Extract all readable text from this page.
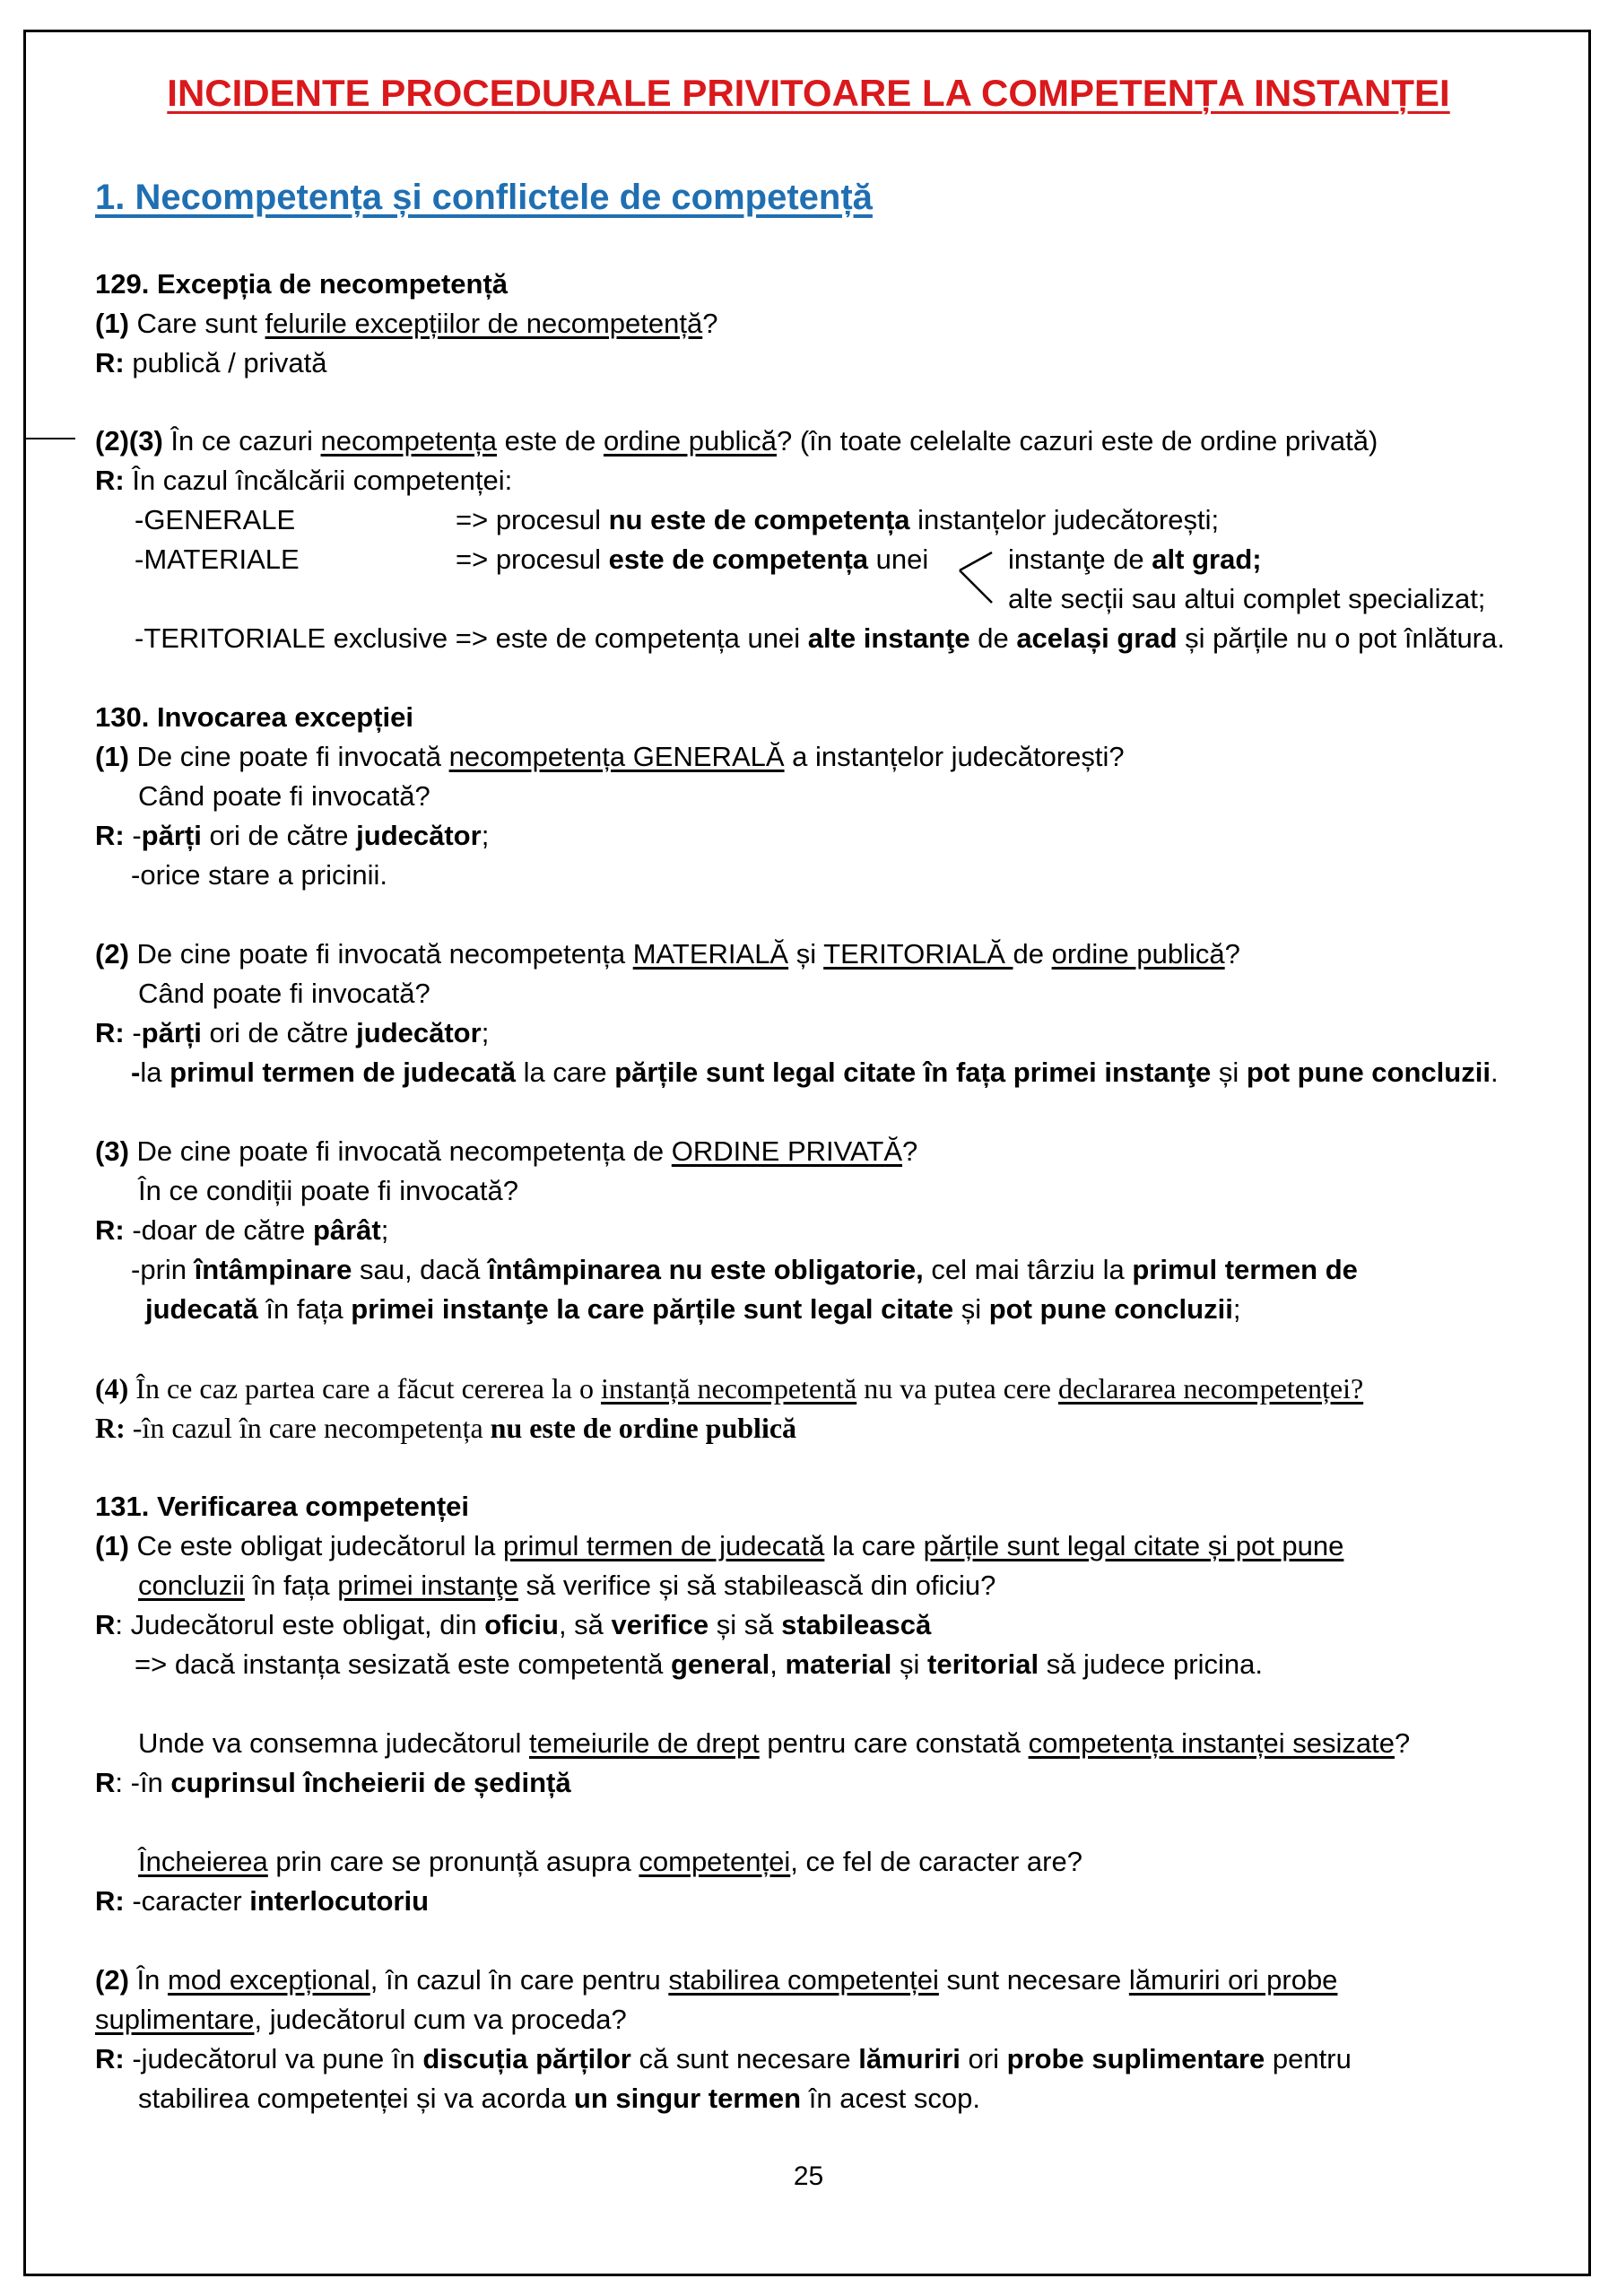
INCIDENTE PROCEDURALE PRIVITOARE LA COMPETENȚA INSTANȚEI
1. Necompetența și conflictele de competență
129. Excepția de necompetență
(1) Care sunt felurile excepțiilor de necompetență?
R: publică / privată
(2)(3) În ce cazuri necompetența este de ordine publică? (în toate celelalte cazuri este de ordine privată)
R: În cazul încălcării competenței:
-GENERALE	=> procesul nu este de competența instanțelor judecătorești;
-MATERIALE	=> procesul este de competența unei	instanţe de alt grad;
alte secții sau altui complet specializat;
-TERITORIALE exclusive => este de competența unei alte instanţe de același grad și părțile nu o pot înlătura.
130. Invocarea excepției
(1) De cine poate fi invocată necompetența GENERALĂ a instanțelor judecătorești?
Când poate fi invocată?
R: -părți ori de către judecător;
-orice stare a pricinii.
(2) De cine poate fi invocată necompetența MATERIALĂ și TERITORIALĂ de ordine publică?
Când poate fi invocată?
R: -părți ori de către judecător;
-la primul termen de judecată la care părțile sunt legal citate în fața primei instanţe și pot pune concluzii.
(3) De cine poate fi invocată necompetența de ORDINE PRIVATĂ?
În ce condiții poate fi invocată?
R: -doar de către pârât;
-prin întâmpinare sau, dacă întâmpinarea nu este obligatorie, cel mai târziu la primul termen de
judecată în fața primei instanţe la care părțile sunt legal citate și pot pune concluzii;
(4) În ce caz partea care a făcut cererea la o instanță necompetentă nu va putea cere declararea necompetenței?
R: -în cazul în care necompetența nu este de ordine publică
131. Verificarea competenței
(1) Ce este obligat judecătorul la primul termen de judecată la care părțile sunt legal citate și pot pune
concluzii în fața primei instanţe să verifice și să stabilească din oficiu?
R: Judecătorul este obligat, din oficiu, să verifice și să stabilească
=> dacă instanța sesizată este competentă general, material și teritorial să judece pricina.
Unde va consemna judecătorul temeiurile de drept pentru care constată competența instanței sesizate?
R: -în cuprinsul încheierii de ședință
Încheierea prin care se pronunță asupra competenței, ce fel de caracter are?
R: -caracter interlocutoriu
(2) În mod excepțional, în cazul în care pentru stabilirea competenței sunt necesare lămuriri ori probe
suplimentare, judecătorul cum va proceda?
R: -judecătorul va pune în discuția părților că sunt necesare lămuriri ori probe suplimentare pentru
stabilirea competenței și va acorda un singur termen în acest scop.
25
